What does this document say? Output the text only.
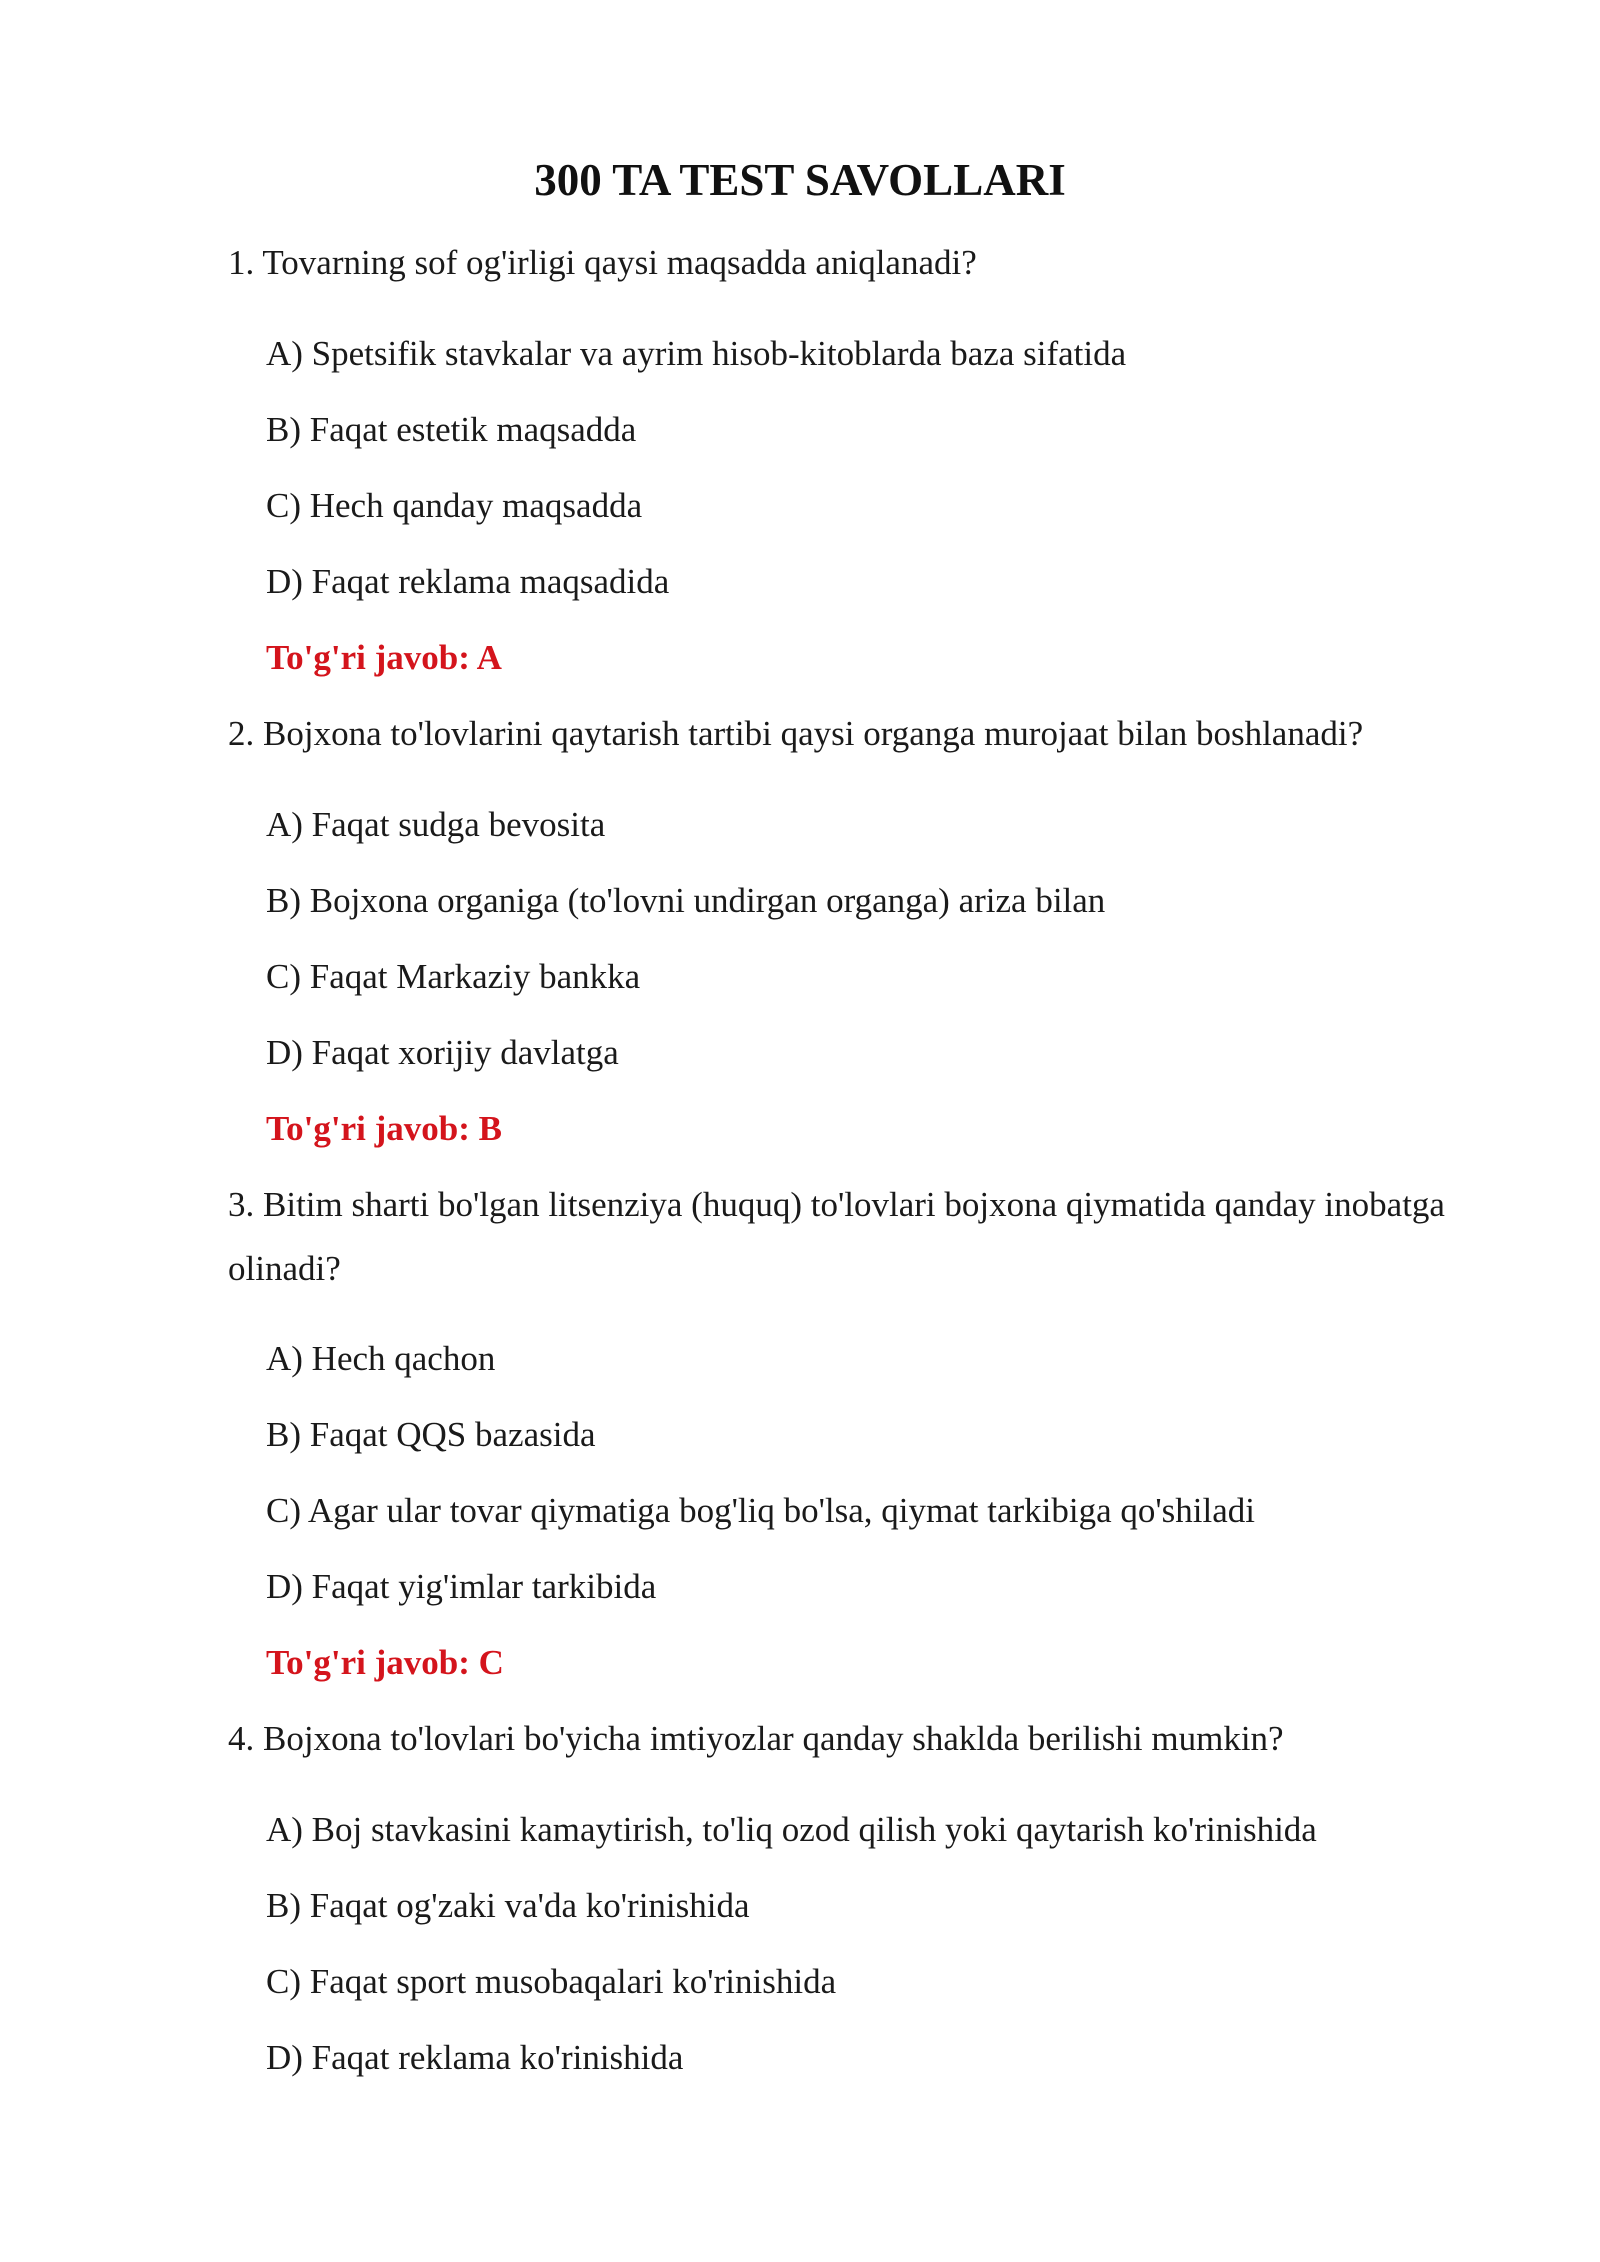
300 TA TEST SAVOLLARI

1. Tovarning sof og'irligi qaysi maqsadda aniqlanadi?

A) Spetsifik stavkalar va ayrim hisob-kitoblarda baza sifatida

B) Faqat estetik maqsadda

C) Hech qanday maqsadda

D) Faqat reklama maqsadida

To'g'ri javob: A

2. Bojxona to'lovlarini qaytarish tartibi qaysi organga murojaat bilan boshlanadi?

A) Faqat sudga bevosita

B) Bojxona organiga (to'lovni undirgan organga) ariza bilan

C) Faqat Markaziy bankka

D) Faqat xorijiy davlatga

To'g'ri javob: B

3. Bitim sharti bo'lgan litsenziya (huquq) to'lovlari bojxona qiymatida qanday inobatga olinadi?

A) Hech qachon

B) Faqat QQS bazasida

C) Agar ular tovar qiymatiga bog'liq bo'lsa, qiymat tarkibiga qo'shiladi

D) Faqat yig'imlar tarkibida

To'g'ri javob: C

4. Bojxona to'lovlari bo'yicha imtiyozlar qanday shaklda berilishi mumkin?

A) Boj stavkasini kamaytirish, to'liq ozod qilish yoki qaytarish ko'rinishida

B) Faqat og'zaki va'da ko'rinishida

C) Faqat sport musobaqalari ko'rinishida

D) Faqat reklama ko'rinishida
